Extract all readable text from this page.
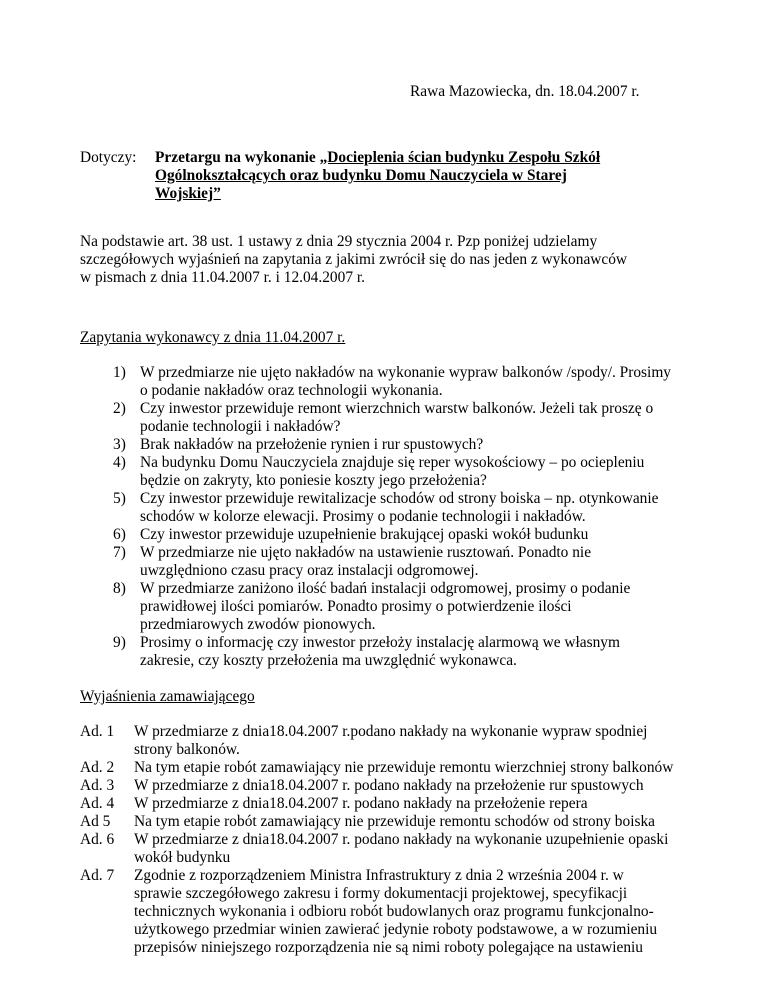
Rawa Mazowiecka, dn. 18.04.2007 r.
Dotyczy: Przetargu na wykonanie „Docieplenia ścian budynku Zespołu Szkół
Ogólnokształcących oraz budynku Domu Nauczyciela w Starej
Wojskiej”
Na podstawie art. 38 ust. 1 ustawy z dnia 29 stycznia 2004 r. Pzp poniżej udzielamy
szczegółowych wyjaśnień na zapytania z jakimi zwrócił się do nas jeden z wykonawców
w pismach z dnia 11.04.2007 r. i 12.04.2007 r.
Zapytania wykonawcy z dnia 11.04.2007 r.
1) W przedmiarze nie ujęto nakładów na wykonanie wypraw balkonów /spody/. Prosimy
o podanie nakładów oraz technologii wykonania.
2) Czy inwestor przewiduje remont wierzchnich warstw balkonów. Jeżeli tak proszę o
podanie technologii i nakładów?
3) Brak nakładów na przełożenie rynien i rur spustowych?
4) Na budynku Domu Nauczyciela znajduje się reper wysokościowy – po ociepleniu
będzie on zakryty, kto poniesie koszty jego przełożenia?
5) Czy inwestor przewiduje rewitalizacje schodów od strony boiska – np. otynkowanie
schodów w kolorze elewacji. Prosimy o podanie technologii i nakładów.
6) Czy inwestor przewiduje uzupełnienie brakującej opaski wokół budunku
7) W przedmiarze nie ujęto nakładów na ustawienie rusztowań. Ponadto nie
uwzględniono czasu pracy oraz instalacji odgromowej.
8) W przedmiarze zaniżono ilość badań instalacji odgromowej, prosimy o podanie
prawidłowej ilości pomiarów. Ponadto prosimy o potwierdzenie ilości
przedmiarowych zwodów pionowych.
9) Prosimy o informację czy inwestor przełoży instalację alarmową we własnym
zakresie, czy koszty przełożenia ma uwzględnić wykonawca.
Wyjaśnienia zamawiającego
Ad. 1 W przedmiarze z dnia18.04.2007 r.podano nakłady na wykonanie wypraw spodniej
strony balkonów.
Ad. 2 Na tym etapie robót zamawiający nie przewiduje remontu wierzchniej strony balkonów
Ad. 3 W przedmiarze z dnia18.04.2007 r. podano nakłady na przełożenie rur spustowych
Ad. 4 W przedmiarze z dnia18.04.2007 r. podano nakłady na przełożenie repera
Ad 5 Na tym etapie robót zamawiający nie przewiduje remontu schodów od strony boiska
Ad. 6 W przedmiarze z dnia18.04.2007 r. podano nakłady na wykonanie uzupełnienie opaski
wokół budynku
Ad. 7 Zgodnie z rozporządzeniem Ministra Infrastruktury z dnia 2 września 2004 r. w
sprawie szczegółowego zakresu i formy dokumentacji projektowej, specyfikacji
technicznych wykonania i odbioru robót budowlanych oraz programu funkcjonalno-
użytkowego przedmiar winien zawierać jedynie roboty podstawowe, a w rozumieniu
przepisów niniejszego rozporządzenia nie są nimi roboty polegające na ustawieniu
